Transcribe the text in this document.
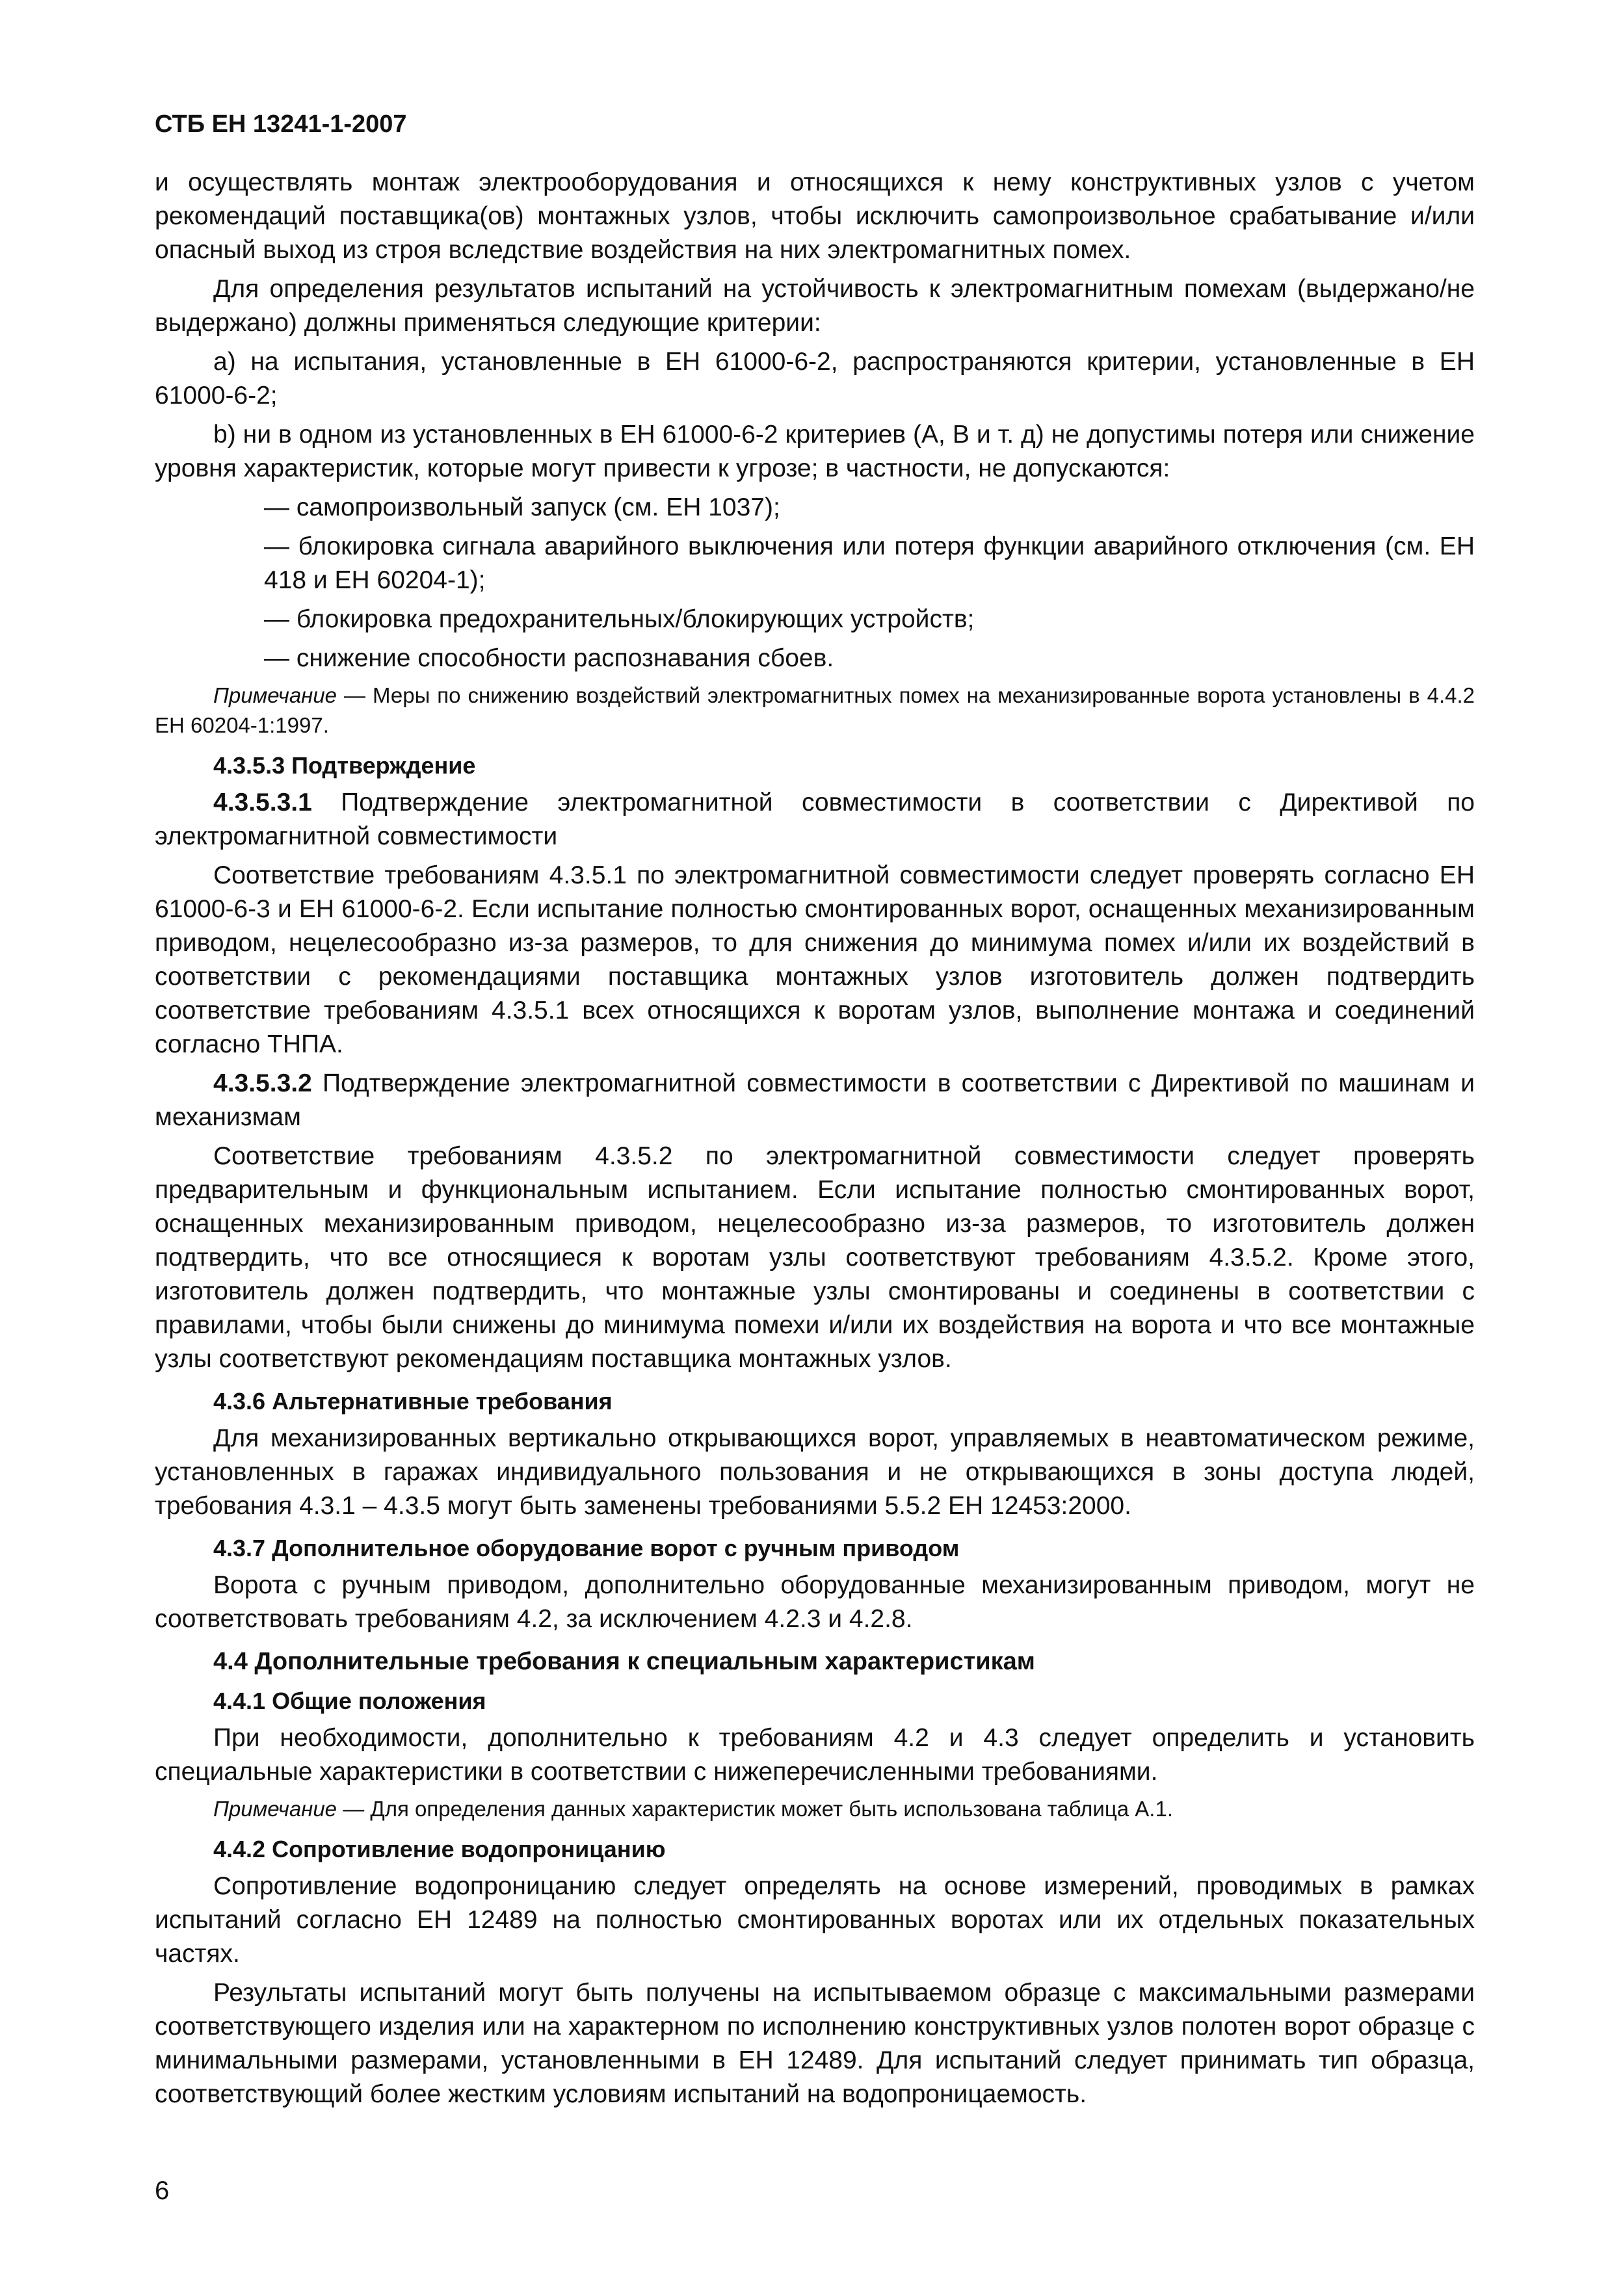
СТБ ЕН 13241-1-2007

и осуществлять монтаж электрооборудования и относящихся к нему конструктивных узлов с учетом рекомендаций поставщика(ов) монтажных узлов, чтобы исключить самопроизвольное срабатывание и/или опасный выход из строя вследствие воздействия на них электромагнитных помех.

Для определения результатов испытаний на устойчивость к электромагнитным помехам (выдержано/не выдержано) должны применяться следующие критерии:

a) на испытания, установленные в ЕН 61000-6-2, распространяются критерии, установленные в ЕН 61000-6-2;

b) ни в одном из установленных в ЕН 61000-6-2 критериев (А, В и т. д) не допустимы потеря или снижение уровня характеристик, которые могут привести к угрозе; в частности, не допускаются:

— самопроизвольный запуск (см. ЕН 1037);

— блокировка сигнала аварийного выключения или потеря функции аварийного отключения (см. ЕН 418 и ЕН 60204-1);

— блокировка предохранительных/блокирующих устройств;

— снижение способности распознавания сбоев.

Примечание — Меры по снижению воздействий электромагнитных помех на механизированные ворота установлены в 4.4.2 ЕН 60204-1:1997.

4.3.5.3 Подтверждение

4.3.5.3.1 Подтверждение электромагнитной совместимости в соответствии с Директивой по электромагнитной совместимости

Соответствие требованиям 4.3.5.1 по электромагнитной совместимости следует проверять согласно ЕН 61000-6-3 и ЕН 61000-6-2. Если испытание полностью смонтированных ворот, оснащенных механизированным приводом, нецелесообразно из-за размеров, то для снижения до минимума помех и/или их воздействий в соответствии с рекомендациями поставщика монтажных узлов изготовитель должен подтвердить соответствие требованиям 4.3.5.1 всех относящихся к воротам узлов, выполнение монтажа и соединений согласно ТНПА.

4.3.5.3.2 Подтверждение электромагнитной совместимости в соответствии с Директивой по машинам и механизмам

Соответствие требованиям 4.3.5.2 по электромагнитной совместимости следует проверять предварительным и функциональным испытанием. Если испытание полностью смонтированных ворот, оснащенных механизированным приводом, нецелесообразно из-за размеров, то изготовитель должен подтвердить, что все относящиеся к воротам узлы соответствуют требованиям 4.3.5.2. Кроме этого, изготовитель должен подтвердить, что монтажные узлы смонтированы и соединены в соответствии с правилами, чтобы были снижены до минимума помехи и/или их воздействия на ворота и что все монтажные узлы соответствуют рекомендациям поставщика монтажных узлов.

4.3.6 Альтернативные требования

Для механизированных вертикально открывающихся ворот, управляемых в неавтоматическом режиме, установленных в гаражах индивидуального пользования и не открывающихся в зоны доступа людей, требования 4.3.1 – 4.3.5 могут быть заменены требованиями 5.5.2 ЕН 12453:2000.

4.3.7 Дополнительное оборудование ворот с ручным приводом

Ворота с ручным приводом, дополнительно оборудованные механизированным приводом, могут не соответствовать требованиям 4.2, за исключением 4.2.3 и 4.2.8.

4.4 Дополнительные требования к специальным характеристикам
4.4.1 Общие положения

При необходимости, дополнительно к требованиям 4.2 и 4.3 следует определить и установить специальные характеристики в соответствии с нижеперечисленными требованиями.

Примечание — Для определения данных характеристик может быть использована таблица А.1.

4.4.2 Сопротивление водопроницанию

Сопротивление водопроницанию следует определять на основе измерений, проводимых в рамках испытаний согласно ЕН 12489 на полностью смонтированных воротах или их отдельных показательных частях.

Результаты испытаний могут быть получены на испытываемом образце с максимальными размерами соответствующего изделия или на характерном по исполнению конструктивных узлов полотен ворот образце с минимальными размерами, установленными в ЕН 12489. Для испытаний следует принимать тип образца, соответствующий более жестким условиям испытаний на водопроницаемость.

6
